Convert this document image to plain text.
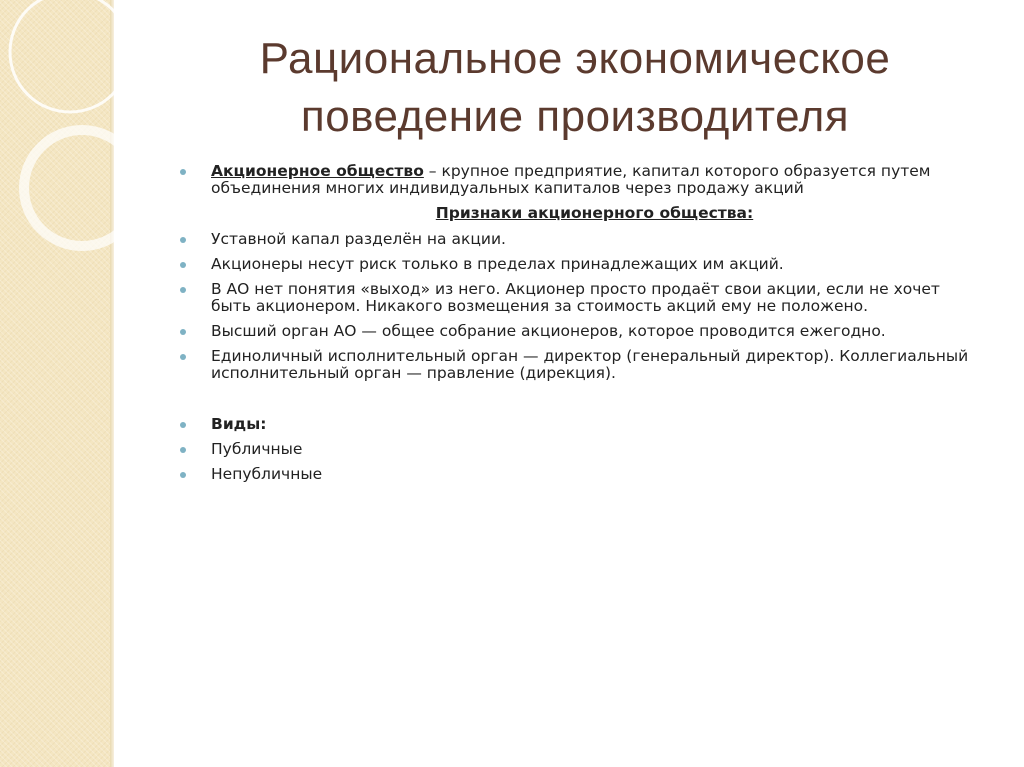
Рациональное экономическое
поведение производителя
Акционерное общество – крупное предприятие, капитал которого образуется путем объединения многих индивидуальных капиталов через продажу акций
Признаки акционерного общества:
Уставной капал разделён на акции.
Акционеры несут риск только в пределах принадлежащих им акций.
В АО нет понятия «выход» из него. Акционер просто продаёт свои акции, если не хочет быть акционером. Никакого возмещения за стоимость акций ему не положено.
Высший орган АО — общее собрание акционеров, которое проводится ежегодно.
Единоличный исполнительный орган — директор (генеральный директор). Коллегиальный исполнительный орган — правление (дирекция).
Виды:
Публичные
Непубличные
